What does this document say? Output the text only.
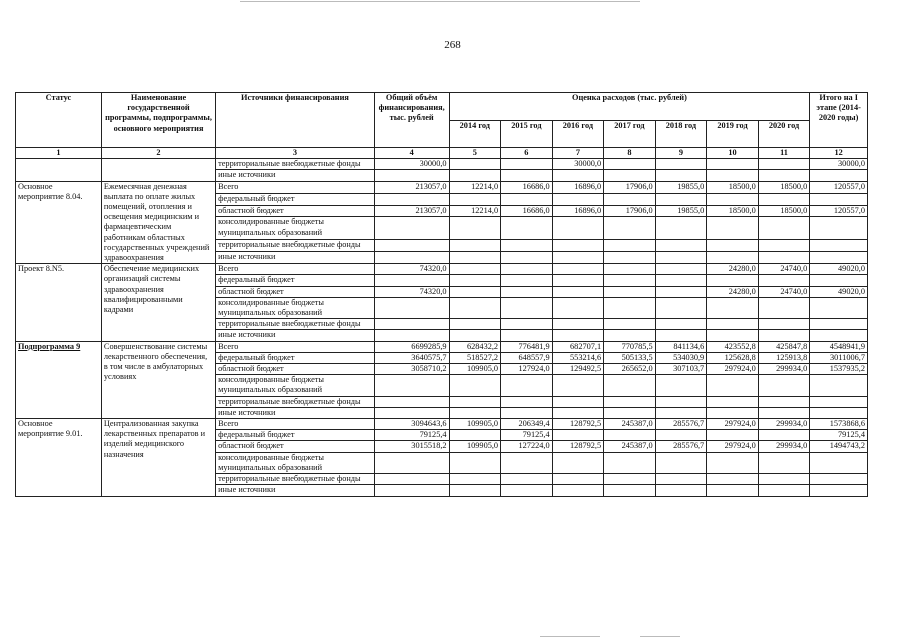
268
Статус	Наименование государственной программы, подпрограммы, основного мероприятия	Источники финансирования	Общий объём финансирования, тыс. рублей	Оценка расходов (тыс. рублей)							Итого на I этапе (2014-2020 годы)
				2014 год	2015 год	2016 год	2017 год	2018 год	2019 год	2020 год	
1	2	3	4	5	6	7	8	9	10	11	12
		территориальные внебюджетные фонды	30000,0			30000,0					30000,0
		иные источники									
Основное мероприятие 8.04.	Ежемесячная денежная выплата по оплате жилых помещений, отопления и освещения медицинским и фармацевтическим работникам областных государственных учреждений здравоохранения	Всего	213057,0	12214,0	16686,0	16896,0	17906,0	19855,0	18500,0	18500,0	120557,0
		федеральный бюджет									
		областной бюджет	213057,0	12214,0	16686,0	16896,0	17906,0	19855,0	18500,0	18500,0	120557,0
		консолидированные бюджеты муниципальных образований									
		территориальные внебюджетные фонды									
		иные источники									
Проект 8.N5.	Обеспечение медицинских организаций системы здравоохранения квалифицированными кадрами	Всего	74320,0						24280,0	24740,0	49020,0
		федеральный бюджет									
		областной бюджет	74320,0						24280,0	24740,0	49020,0
		консолидированные бюджеты муниципальных образований									
		территориальные внебюджетные фонды									
		иные источники									
Подпрограмма 9	Совершенствование системы лекарственного обеспечения, в том числе в амбулаторных условиях	Всего	6699285,9	628432,2	776481,9	682707,1	770785,5	841134,6	423552,8	425847,8	4548941,9
		федеральный бюджет	3640575,7	518527,2	648557,9	553214,6	505133,5	534030,9	125628,8	125913,8	3011006,7
		областной бюджет	3058710,2	109905,0	127924,0	129492,5	265652,0	307103,7	297924,0	299934,0	1537935,2
		консолидированные бюджеты муниципальных образований									
		территориальные внебюджетные фонды									
		иные источники									
Основное мероприятие 9.01.	Централизованная закупка лекарственных препаратов и изделий медицинского назначения	Всего	3094643,6	109905,0	206349,4	128792,5	245387,0	285576,7	297924,0	299934,0	1573868,6
		федеральный бюджет	79125,4		79125,4						79125,4
		областной бюджет	3015518,2	109905,0	127224,0	128792,5	245387,0	285576,7	297924,0	299934,0	1494743,2
		консолидированные бюджеты муниципальных образований									
		территориальные внебюджетные фонды									
		иные источники									
